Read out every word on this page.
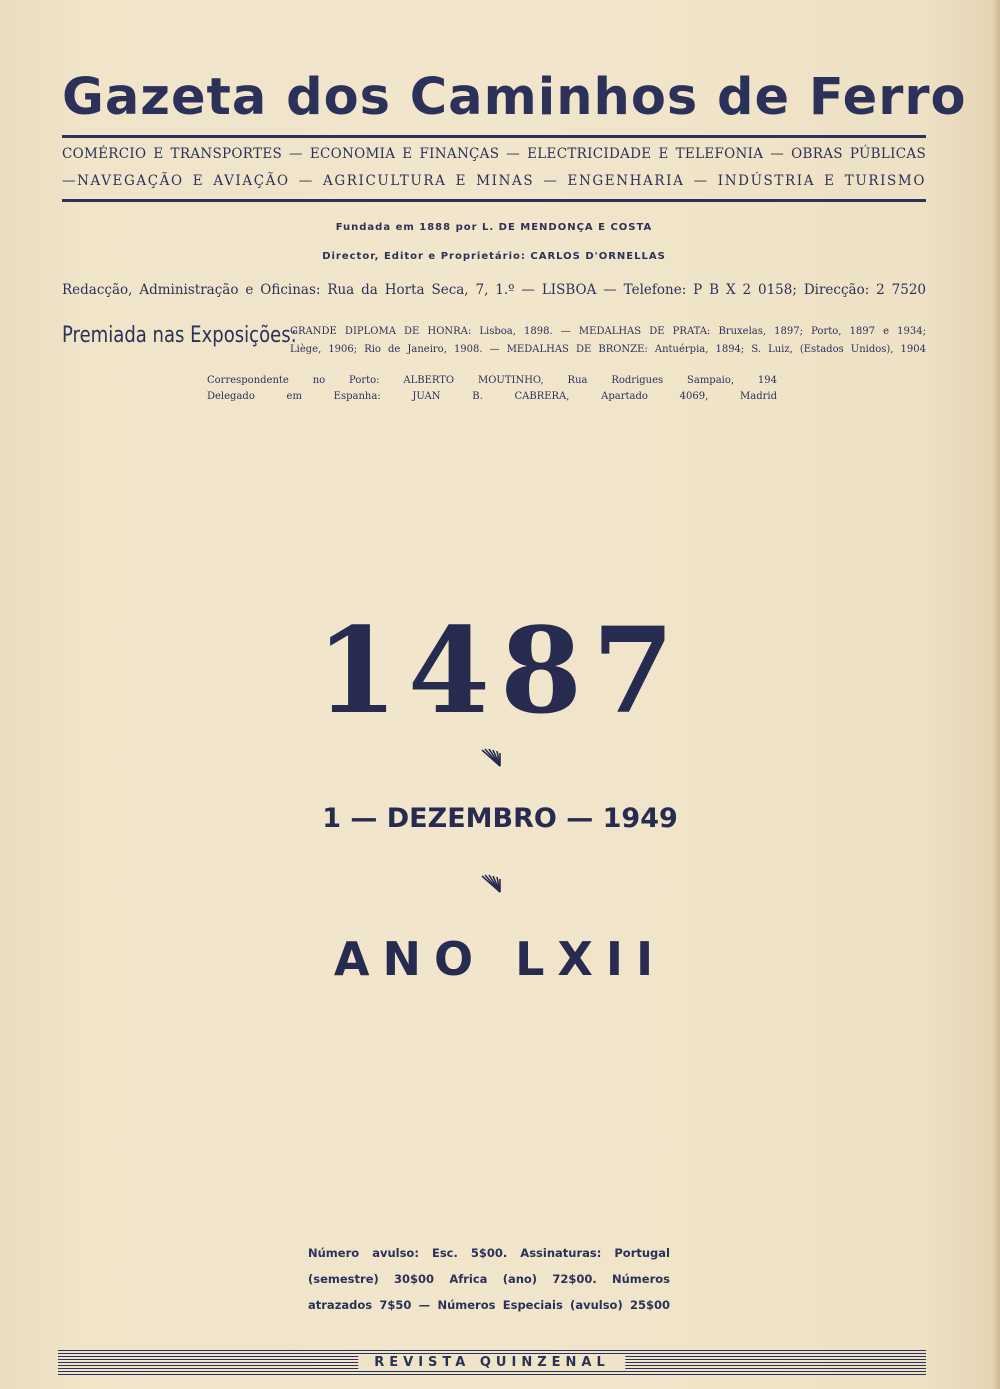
Gazeta dos Caminhos de Ferro
COMÉRCIO E TRANSPORTES — ECONOMIA E FINANÇAS — ELECTRICIDADE E TELEFONIA — OBRAS PÚBLICAS
—NAVEGAÇÃO E AVIAÇÃO — AGRICULTURA E MINAS — ENGENHARIA — INDÚSTRIA E TURISMO
Fundada em 1888 por L. DE MENDONÇA E COSTA
Director, Editor e Proprietário: CARLOS D'ORNELLAS
Redacção, Administração e Oficinas: Rua da Horta Seca, 7, 1.º — LISBOA — Telefone: P B X 2 0158; Direcção: 2 7520
Premiada nas Exposições:
GRANDE DIPLOMA DE HONRA: Lisboa, 1898. — MEDALHAS DE PRATA: Bruxelas, 1897; Porto, 1897 e 1934;
Liège, 1906; Rio de Janeiro, 1908. — MEDALHAS DE BRONZE: Antuérpia, 1894; S. Luiz, (Estados Unidos), 1904
Correspondente no Porto: ALBERTO MOUTINHO, Rua Rodrigues Sampaio, 194
Delegado em Espanha: JUAN B. CABRERA, Apartado 4069, Madrid
1487
1 — DEZEMBRO — 1949
ANO LXII
Número avulso: Esc. 5$00. Assinaturas: Portugal
(semestre) 30$00 Africa (ano) 72$00. Números
atrazados 7$50 — Números Especiais (avulso) 25$00
REVISTA QUINZENAL
